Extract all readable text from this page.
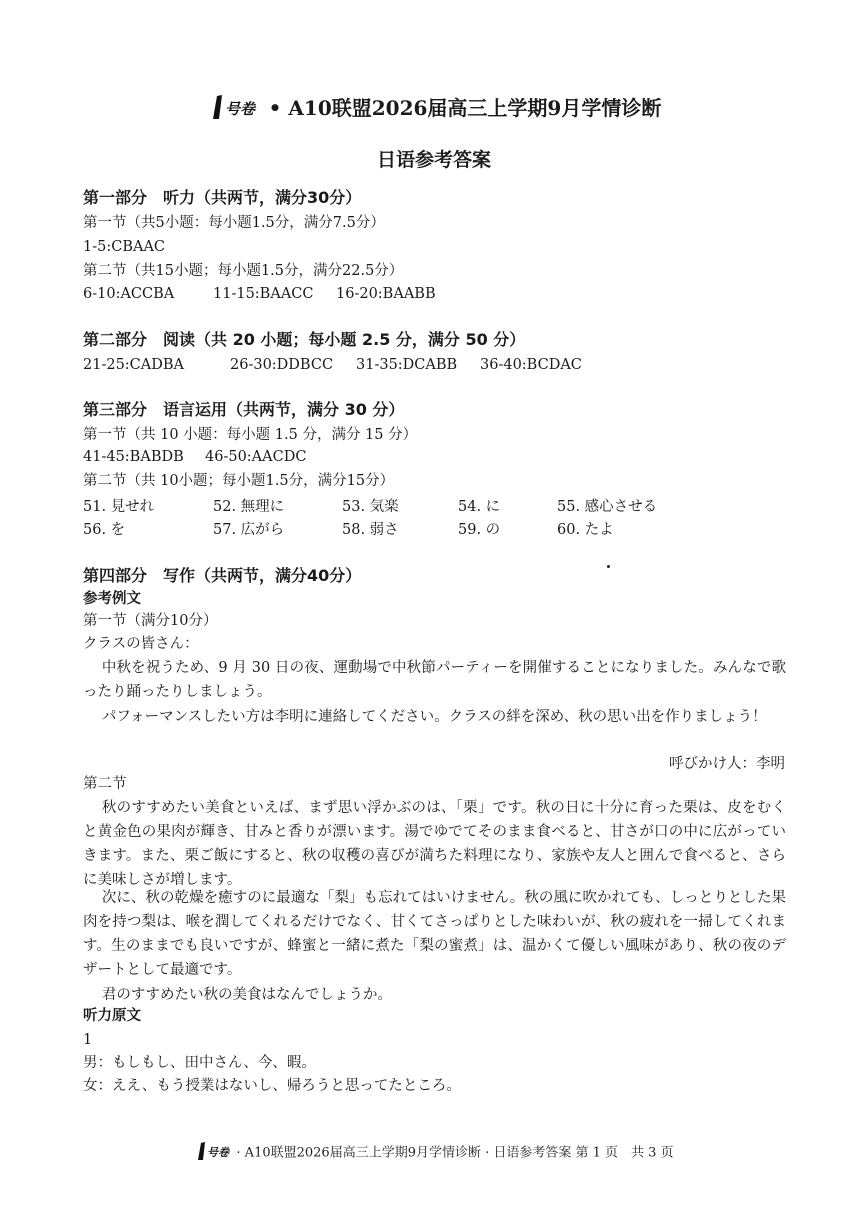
号卷 • A10联盟2026届高三上学期9月学情诊断
日语参考答案
第一部分　听力（共两节，满分30分）
第一节（共5小题：每小题1.5分，满分7.5分）
1-5:CBAAC
第二节（共15小题；每小题1.5分，满分22.5分）
6-10:ACCBA	11-15:BAACC 16-20:BAABB
第二部分　阅读（共 20 小题；每小题 2.5 分，满分 50 分）
21-25:CADBA	26-30:DDBCC 31-35:DCABB 36-40:BCDAC
第三部分　语言运用（共两节，满分 30 分）
第一节（共 10 小题：每小题 1.5 分，满分 15 分）
41-45:BABDB 46-50:AACDC
第二节（共 10小题；每小题1.5分，满分15分）
51. 見せれ	52. 無理に	53. 気楽	54. に	55. 感心させる
56. を	57. 広がら	58. 弱さ	59. の	60. たよ
第四部分　写作（共两节，满分40分）
参考例文
第一节（满分10分）
クラスの皆さん：
中秋を祝うため、9 月 30 日の夜、運動場で中秋節パーティーを開催することになりました。みんなで歌ったり踊ったりしましょう。
パフォーマンスしたい方は李明に連絡してください。クラスの絆を深め、秋の思い出を作りましょう！
呼びかけ人：李明
第二节
秋のすすめたい美食といえば、まず思い浮かぶのは、「栗」です。秋の日に十分に育った栗は、皮をむくと黄金色の果肉が輝き、甘みと香りが漂います。湯でゆでてそのまま食べると、甘さが口の中に広がっていきます。また、栗ご飯にすると、秋の収穫の喜びが満ちた料理になり、家族や友人と囲んで食べると、さらに美味しさが増します。
次に、秋の乾燥を癒すのに最適な「梨」も忘れてはいけません。秋の風に吹かれても、しっとりとした果肉を持つ梨は、喉を潤してくれるだけでなく、甘くてさっぱりとした味わいが、秋の疲れを一掃してくれます。生のままでも良いですが、蜂蜜と一緒に煮た「梨の蜜煮」は、温かくて優しい風味があり、秋の夜のデザートとして最適です。
君のすすめたい秋の美食はなんでしょうか。
听力原文
1
男：もしもし、田中さん、今、暇。
女：ええ、もう授業はないし、帰ろうと思ってたところ。
号卷 · A10联盟2026届高三上学期9月学情诊断 · 日语参考答案 第 1 页　共 3 页
